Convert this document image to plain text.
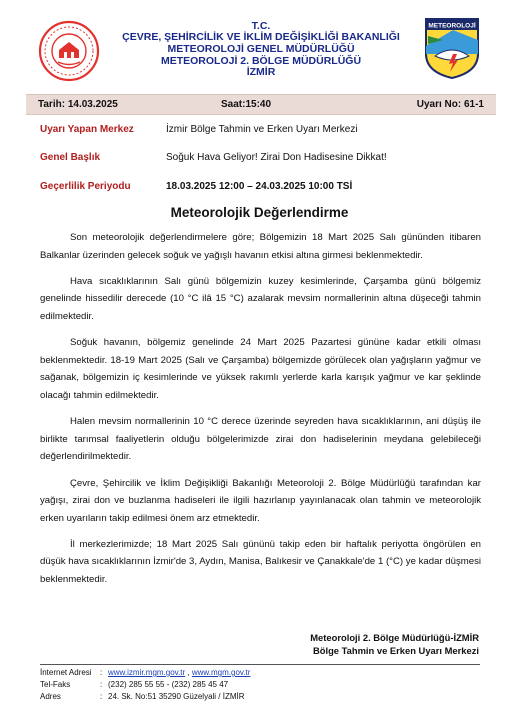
T.C.
ÇEVRE, ŞEHİRCİLİK VE İKLİM DEĞİŞİKLİĞİ BAKANLIĞI
METEOROLOJİ GENEL MÜDÜRLÜĞÜ
METEOROLOJİ 2. BÖLGE MÜDÜRLÜĞÜ
İZMİR
METEOROLOJİ
Tarih: 14.03.2025	Saat:15:40	Uyarı No: 61-1
Uyarı Yapan Merkez	İzmir Bölge Tahmin ve Erken Uyarı Merkezi
Genel Başlık	Soğuk Hava Geliyor! Zirai Don Hadisesine Dikkat!
Geçerlilik Periyodu	18.03.2025 12:00 – 24.03.2025 10:00 TSİ
Meteorolojik Değerlendirme

Son meteorolojik değerlendirmelere göre; Bölgemizin 18 Mart 2025 Salı gününden itibaren Balkanlar üzerinden gelecek soğuk ve yağışlı havanın etkisi altına girmesi beklenmektedir.

Hava sıcaklıklarının Salı günü bölgemizin kuzey kesimlerinde, Çarşamba günü bölgemiz genelinde hissedilir derecede (10 °C ilâ 15 °C) azalarak mevsim normallerinin altına düşeceği tahmin edilmektedir.

Soğuk havanın, bölgemiz genelinde 24 Mart 2025 Pazartesi gününe kadar etkili olması beklenmektedir. 18-19 Mart 2025 (Salı ve Çarşamba) bölgemizde görülecek olan yağışların yağmur ve sağanak, bölgemizin iç kesimlerinde ve yüksek rakımlı yerlerde karla karışık yağmur ve kar şeklinde olacağı tahmin edilmektedir.

Halen mevsim normallerinin 10 °C derece üzerinde seyreden hava sıcaklıklarının, ani düşüş ile birlikte tarımsal faaliyetlerin olduğu bölgelerimizde zirai don hadiselerinin meydana gelebileceği değerlendirilmektedir.

Çevre, Şehircilik ve İklim Değişikliği Bakanlığı Meteoroloji 2. Bölge Müdürlüğü tarafından kar yağışı, zirai don ve buzlanma hadiseleri ile ilgili hazırlanıp yayınlanacak olan tahmin ve meteorolojik erken uyarıların takip edilmesi önem arz etmektedir.

İl merkezlerimizde; 18 Mart 2025 Salı gününü takip eden bir haftalık periyotta öngörülen en düşük hava sıcaklıklarının İzmir'de 3, Aydın, Manisa, Balıkesir ve Çanakkale'de 1 (°C) ye kadar düşmesi beklenmektedir.

Meteoroloji 2. Bölge Müdürlüğü-İZMİR
Bölge Tahmin ve Erken Uyarı Merkezi
İnternet Adresi : www.izmir.mgm.gov.tr , www.mgm.gov.tr
Tel-Faks	: (232) 285 55 55 - (232) 285 45 47
Adres	: 24. Sk. No:51 35290 Güzelyali / İZMİR
